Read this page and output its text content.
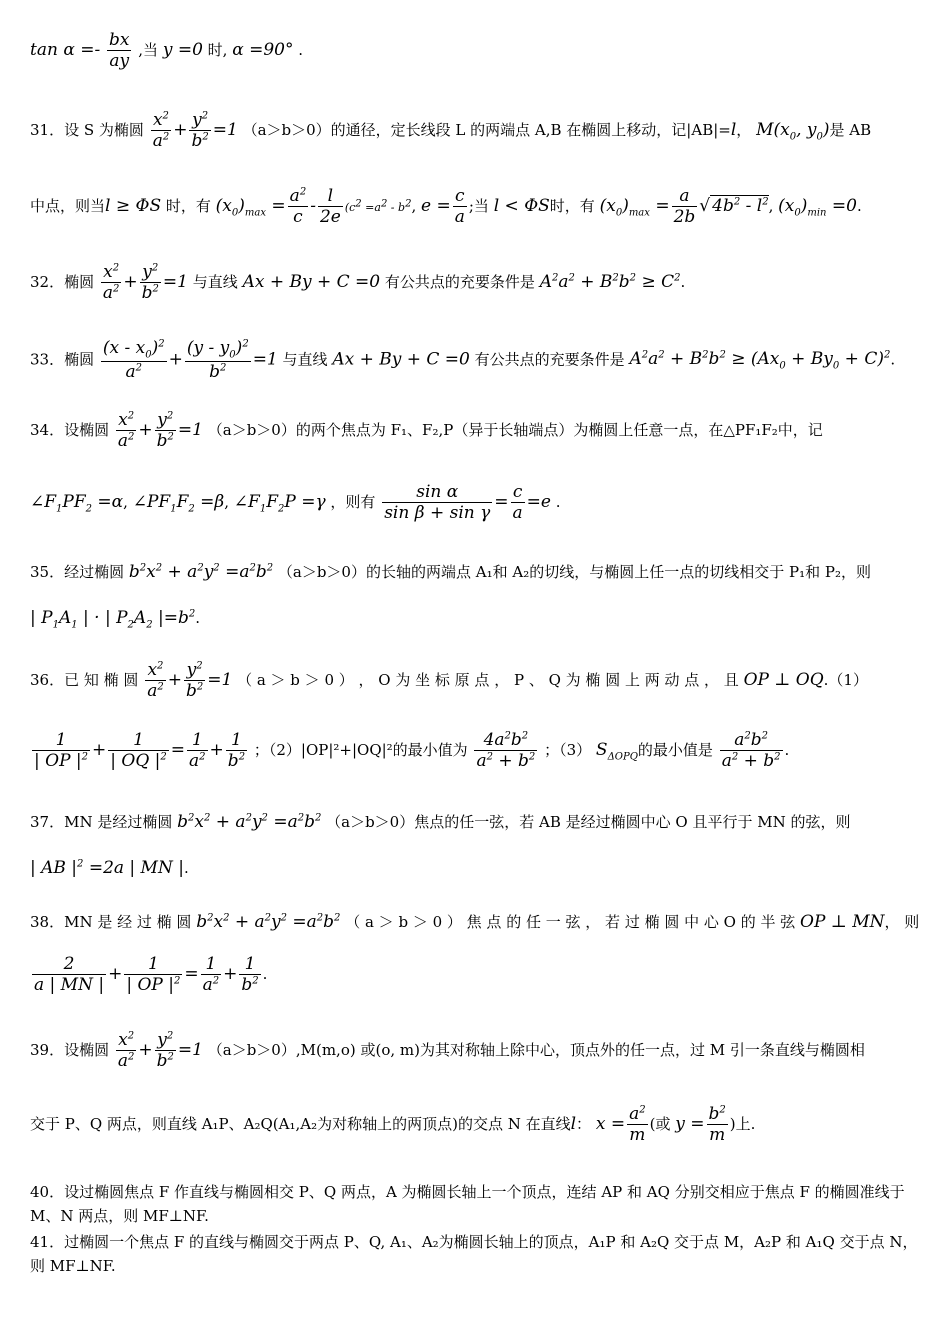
$\tan \alpha =- \frac{bx}{ay}$ ,当 y =0 时, α =90° .
31．设 S 为椭圆 $\frac{x^2}{a^2} + \frac{y^2}{b^2} =1$ （a＞b＞0）的通径，定长线段 L 的两端点 A,B 在椭圆上移动，记|AB|=l， $M(x_0$, $y_0$)是 AB
中点，则当l ≥ ΦS 时，有 $(x_0)_{max} = \frac{a^2}{c} - \frac{l}{2e} (c^2 =a^2 - b^2$, $e = \frac{c}{a}$ ;当 l < ΦS时，有 $(x_0)_{max} = \frac{a}{2b}$ √ $4b^2 - l^2$, $(x_0)_{min} =0$.
32．椭圆 $\frac{x^2}{a^2} + \frac{y^2}{b^2} =1$ 与直线 Ax + By + C =0 有公共点的充要条件是 $A^2a^2 + B^2b^2 \ge C^2$.
33．椭圆 $\frac{(x - x_0)^2}{a^2} + \frac{(y - y_0)^2}{b^2} =1$ 与直线 Ax + By + C =0 有公共点的充要条件是 $A^2a^2 + B^2b^2 \ge (Ax_0 + By_0 + C)^2$.
34．设椭圆 $\frac{x^2}{a^2} + \frac{y^2}{b^2} =1$ （a＞b＞0）的两个焦点为 F₁、F₂,P（异于长轴端点）为椭圆上任意一点，在△PF₁F₂中，记
$\angle F_1PF_2 =\alpha$, $\angle PF_1F_2 =\beta$, $\angle F_1F_2P =\gamma$ ，则有 $\frac{\text{sin α}}{\text{sin β + sin γ}} = \frac{c}{a} =e$ .
35．经过椭圆 $b^2x^2 + a^2y^2 =a^2b^2$ （a＞b＞0）的长轴的两端点 A₁和 A₂的切线，与椭圆上任一点的切线相交于 P₁和 P₂，则
| $P_1A_1$ | · | $P_2A_2$ $|=b^2$.
36．已 知 椭 圆 $\frac{x^2}{a^2} + \frac{y^2}{b^2} =1$ （ a ＞ b ＞ 0 ） ， O 为 坐 标 原 点 ， P 、 Q 为 椭 圆 上 两 动 点 ， 且 OP ⊥ OQ.（1）
$\frac{1}{| OP |^2} + \frac{1}{| OQ |^2} = \frac{1}{a^2} + \frac{1}{b^2}$ ；（2）|OP|²+|OQ|²的最小值为 $\frac{4a^2b^2}{a^2 + b^2}$ ；（3） $S_{\Delta OPQ}$的最小值是 $\frac{a^2b^2}{a^2 + b^2}$ .
37．MN 是经过椭圆 $b^2x^2 + a^2y^2 =a^2b^2$ （a＞b＞0）焦点的任一弦，若 AB 是经过椭圆中心 O 且平行于 MN 的弦，则
| AB $|^2 =2a$ | MN |.
38．MN 是 经 过 椭 圆 $b^2x^2 + a^2y^2 =a^2b^2$ （ a ＞ b ＞ 0 ） 焦 点 的 任 一 弦 ， 若 过 椭 圆 中 心 O 的 半 弦 OP ⊥ MN， 则
$\frac{2}{a | MN |} + \frac{1}{| OP |^2} = \frac{1}{a^2} + \frac{1}{b^2}$ .
39．设椭圆 $\frac{x^2}{a^2} + \frac{y^2}{b^2} =1$ （a＞b＞0）,M(m,o) 或(o, m)为其对称轴上除中心，顶点外的任一点，过 M 引一条直线与椭圆相
交于 P、Q 两点，则直线 A₁P、A₂Q(A₁,A₂为对称轴上的两顶点)的交点 N 在直线l： $x = \frac{a^2}{m}$ (或 $y = \frac{b^2}{m}$ )上.
40．设过椭圆焦点 F 作直线与椭圆相交 P、Q 两点，A 为椭圆长轴上一个顶点，连结 AP 和 AQ 分别交相应于焦点 F 的椭圆准线于 M、N 两点，则 MF⊥NF.
41．过椭圆一个焦点 F 的直线与椭圆交于两点 P、Q, A₁、A₂为椭圆长轴上的顶点，A₁P 和 A₂Q 交于点 M，A₂P 和 A₁Q 交于点 N，则 MF⊥NF.
